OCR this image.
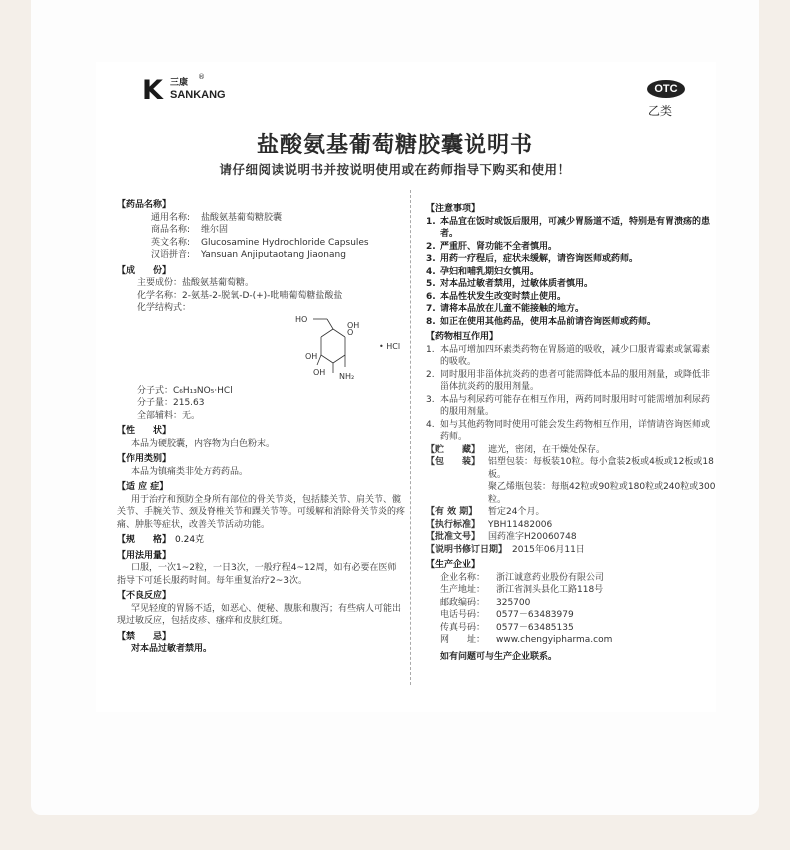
K 三康
®
SANKANG	OTC
乙类
盐酸氨基葡萄糖胶囊说明书
请仔细阅读说明书并按说明使用或在药师指导下购买和使用！
【药品名称】
通用名称:	盐酸氨基葡萄糖胶囊
商品名称:	维尔固
英文名称:	Glucosamine Hydrochloride Capsules
汉语拼音:	Yansuan Anjiputaotang Jiaonang
【成　　份】
主要成份：盐酸氨基葡萄糖。
化学名称：2-氨基-2-脱氧-D-(+)-吡喃葡萄糖盐酸盐
化学结构式：
HO
O
OH
OH
OH NH₂
• HCl
分子式：C₆H₁₃NO₅·HCl
分子量：215.63
全部辅料：无。
【性　　状】
本品为硬胶囊，内容物为白色粉末。
【作用类别】
本品为镇痛类非处方药药品。
【适 应 症】
用于治疗和预防全身所有部位的骨关节炎，包括膝关节、肩关节、髋关节、手腕关节、颈及脊椎关节和踝关节等。可缓解和消除骨关节炎的疼痛、肿胀等症状，改善关节活动功能。
【规　　格】 0.24克
【用法用量】
口服，一次1~2粒，一日3次，一般疗程4~12周，如有必要在医师指导下可延长服药时间。每年重复治疗2~3次。
【不良反应】
罕见轻度的胃肠不适，如恶心、便秘、腹胀和腹泻；有些病人可能出现过敏反应，包括皮疹、瘙痒和皮肤红斑。
【禁　　忌】
对本品过敏者禁用。
【注意事项】
1. 本品宜在饭时或饭后服用，可减少胃肠道不适，特别是有胃溃疡的患者。
2. 严重肝、肾功能不全者慎用。
3. 用药一疗程后，症状未缓解，请咨询医师或药师。
4. 孕妇和哺乳期妇女慎用。
5. 对本品过敏者禁用，过敏体质者慎用。
6. 本品性状发生改变时禁止使用。
7. 请将本品放在儿童不能接触的地方。
8. 如正在使用其他药品，使用本品前请咨询医师或药师。
【药物相互作用】
1. 本品可增加四环素类药物在胃肠道的吸收，减少口服青霉素或氯霉素的吸收。
2. 同时服用非甾体抗炎药的患者可能需降低本品的服用剂量，或降低非甾体抗炎药的服用剂量。
3. 本品与利尿药可能存在相互作用，两药同时服用时可能需增加利尿药的服用剂量。
4. 如与其他药物同时使用可能会发生药物相互作用，详情请咨询医师或药师。
【贮　　藏】 遮光，密闭，在干燥处保存。
【包　　装】 铝塑包装：每板装10粒。每小盒装2板或4板或12板或18板。
聚乙烯瓶包装：每瓶42粒或90粒或180粒或240粒或300粒。
【有 效 期】	暂定24个月。
【执行标准】 YBH11482006
【批准文号】 国药准字H20060748
【说明书修订日期】 2015年06月11日
【生产企业】
企业名称：	浙江诚意药业股份有限公司
生产地址：	浙江省洞头县化工路118号
邮政编码：	325700
电话号码：	0577－63483979
传真号码：	0577－63485135
网　　址：	www.chengyipharma.com
如有问题可与生产企业联系。
